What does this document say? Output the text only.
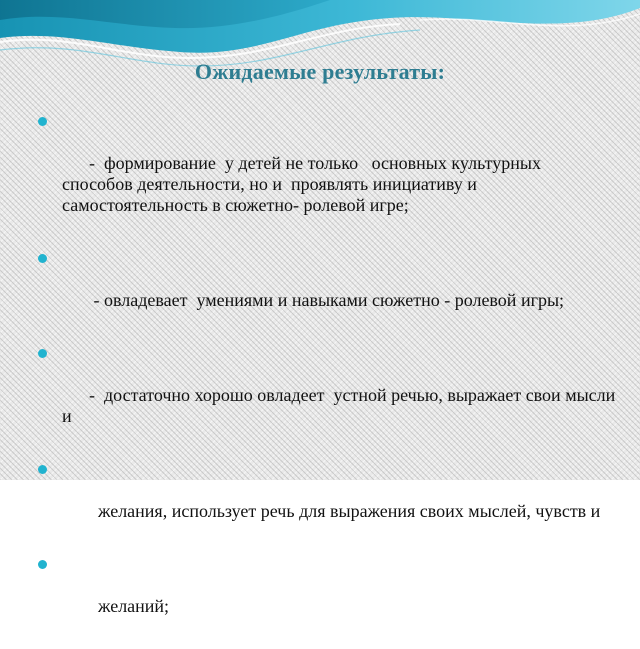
Ожидаемые результаты:

-  формирование  у детей не только   основных культурных  способов деятельности, но и  проявлять инициативу и самостоятельность в сюжетно- ролевой игре;

- овладевает  умениями и навыками сюжетно - ролевой игры;

-  достаточно хорошо овладеет  устной речью, выражает свои мысли и

желания, использует речь для выражения своих мыслей, чувств и

желаний;
